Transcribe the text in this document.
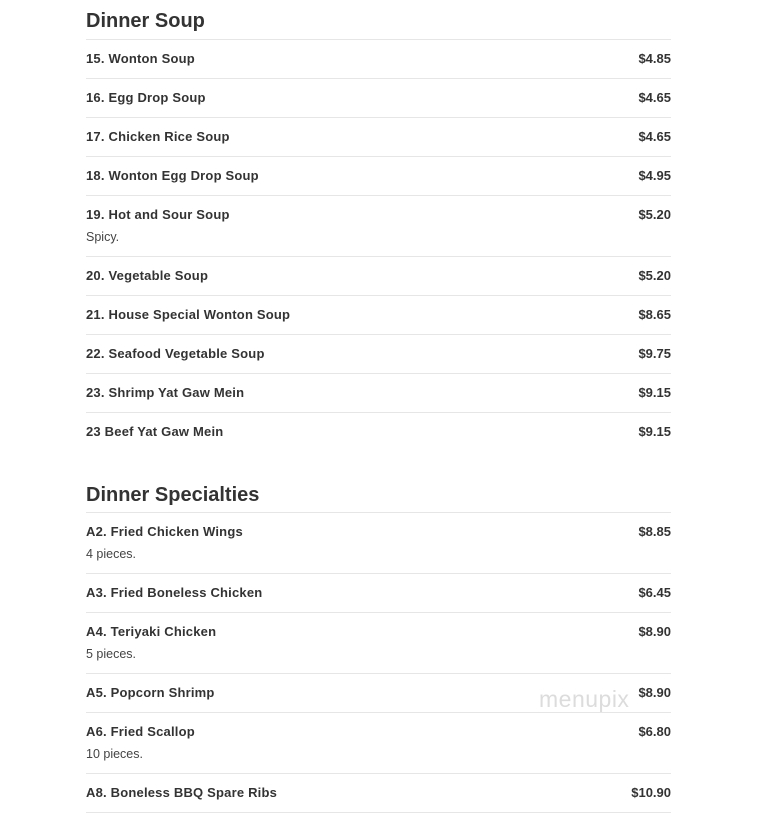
Dinner Soup
15. Wonton Soup	$4.85
16. Egg Drop Soup	$4.65
17. Chicken Rice Soup	$4.65
18. Wonton Egg Drop Soup	$4.95
19. Hot and Sour Soup	$5.20
Spicy.
20. Vegetable Soup	$5.20
21. House Special Wonton Soup	$8.65
22. Seafood Vegetable Soup	$9.75
23. Shrimp Yat Gaw Mein	$9.15
23 Beef Yat Gaw Mein	$9.15
Dinner Specialties
A2. Fried Chicken Wings	$8.85
4 pieces.
A3. Fried Boneless Chicken	$6.45
A4. Teriyaki Chicken	$8.90
5 pieces.
A5. Popcorn Shrimp	$8.90
A6. Fried Scallop	$6.80
10 pieces.
A8. Boneless BBQ Spare Ribs	$10.90
menupix
